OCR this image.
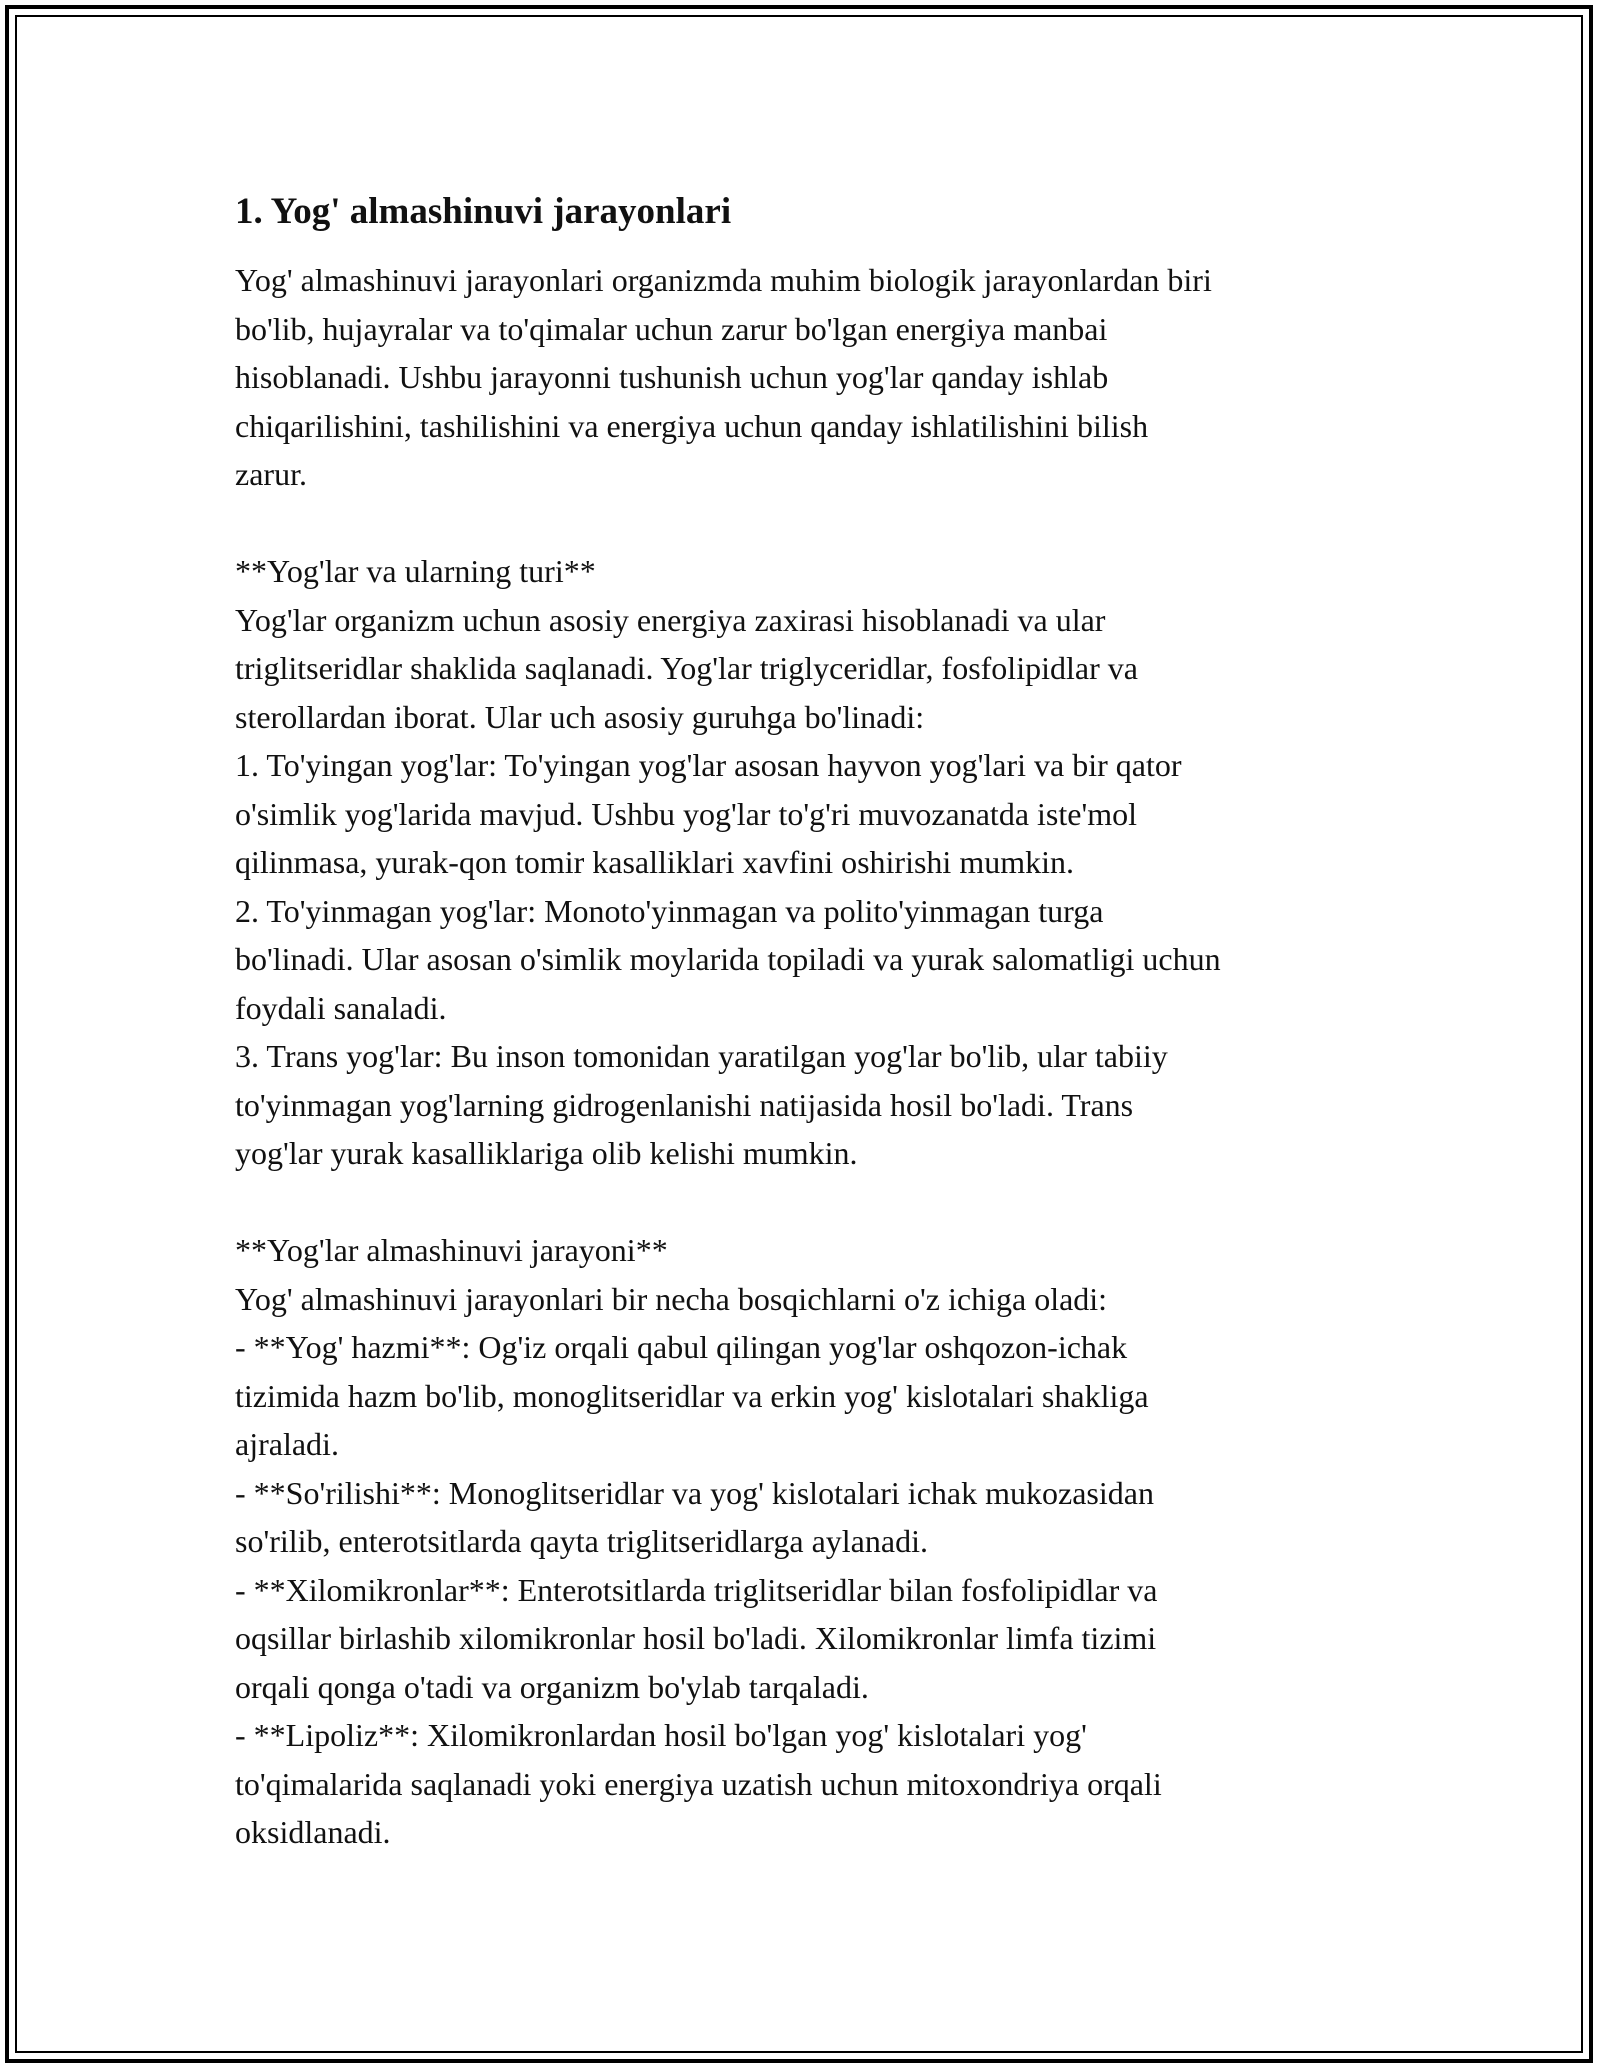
1. Yog' almashinuvi jarayonlari

Yog' almashinuvi jarayonlari organizmda muhim biologik jarayonlardan biri
bo'lib, hujayralar va to'qimalar uchun zarur bo'lgan energiya manbai
hisoblanadi. Ushbu jarayonni tushunish uchun yog'lar qanday ishlab
chiqarilishini, tashilishini va energiya uchun qanday ishlatilishini bilish
zarur.

**Yog'lar va ularning turi**

Yog'lar organizm uchun asosiy energiya zaxirasi hisoblanadi va ular
triglitseridlar shaklida saqlanadi. Yog'lar triglyceridlar, fosfolipidlar va
sterollardan iborat. Ular uch asosiy guruhga bo'linadi:

1. To'yingan yog'lar: To'yingan yog'lar asosan hayvon yog'lari va bir qator
o'simlik yog'larida mavjud. Ushbu yog'lar to'g'ri muvozanatda iste'mol
qilinmasa, yurak-qon tomir kasalliklari xavfini oshirishi mumkin.

2. To'yinmagan yog'lar: Monoto'yinmagan va polito'yinmagan turga
bo'linadi. Ular asosan o'simlik moylarida topiladi va yurak salomatligi uchun
foydali sanaladi.

3. Trans yog'lar: Bu inson tomonidan yaratilgan yog'lar bo'lib, ular tabiiy
to'yinmagan yog'larning gidrogenlanishi natijasida hosil bo'ladi. Trans
yog'lar yurak kasalliklariga olib kelishi mumkin.

**Yog'lar almashinuvi jarayoni**

Yog' almashinuvi jarayonlari bir necha bosqichlarni o'z ichiga oladi:

- **Yog' hazmi**: Og'iz orqali qabul qilingan yog'lar oshqozon-ichak
tizimida hazm bo'lib, monoglitseridlar va erkin yog' kislotalari shakliga
ajraladi.

- **So'rilishi**: Monoglitseridlar va yog' kislotalari ichak mukozasidan
so'rilib, enterotsitlarda qayta triglitseridlarga aylanadi.

- **Xilomikronlar**: Enterotsitlarda triglitseridlar bilan fosfolipidlar va
oqsillar birlashib xilomikronlar hosil bo'ladi. Xilomikronlar limfa tizimi
orqali qonga o'tadi va organizm bo'ylab tarqaladi.

- **Lipoliz**: Xilomikronlardan hosil bo'lgan yog' kislotalari yog'
to'qimalarida saqlanadi yoki energiya uzatish uchun mitoxondriya orqali
oksidlanadi.
